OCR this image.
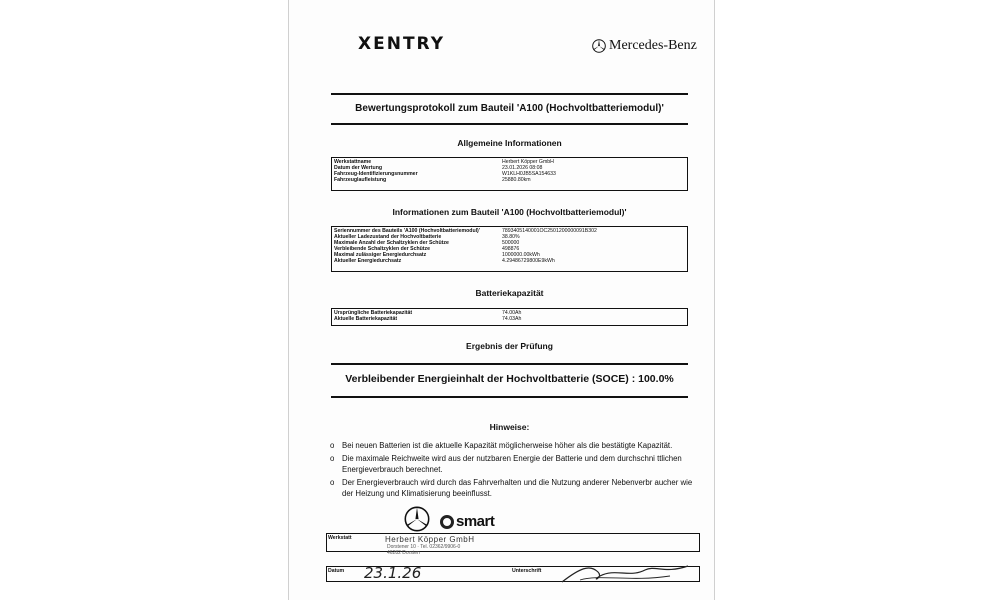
XENTRY	Mercedes-Benz
Bewertungsprotokoll zum Bauteil 'A100 (Hochvoltbatteriemodul)'
Allgemeine Informationen
Werkstattname	Herbert Köpper GmbH
Datum der Wertung	23.01.2026 08:08
Fahrzeug-Identifizierungsnummer	W1KLH0JB5SA154633
Fahrzeuglaufleistung	25880.80km
Informationen zum Bauteil 'A100 (Hochvoltbatteriemodul)'
Seriennummer des Bauteils 'A100 (Hochvoltbatteriemodul)'	7893405140001OC2501200000091B302
Aktueller Ladezustand der Hochvoltbatterie	38.80%
Maximale Anzahl der Schaltzyklen der Schütze	500000
Verbleibende Schaltzyklen der Schütze	498876
Maximal zulässiger Energiedurchsatz	1000000.00kWh
Aktueller Energiedurchsatz	4.29486729800E9kWh
Batteriekapazität
Ursprüngliche Batteriekapazität	74.00Ah
Aktuelle Batteriekapazität	74.03Ah
Ergebnis der Prüfung
Verbleibender Energieinhalt der Hochvoltbatterie (SOCE) : 100.0%
Hinweise:
o Bei neuen Batterien ist die aktuelle Kapazität möglicherweise höher als die bestätigte Kapazität.
o Die maximale Reichweite wird aus der nutzbaren Energie der Batterie und dem durchschni ttlichen Energieverbrauch berechnet.
o Der Energieverbrauch wird durch das Fahrverhalten und die Nutzung anderer Nebenverbr aucher wie der Heizung und Klimatisierung beeinflusst.
smart
Werkstatt	Herbert Köpper GmbH
Dorstener 10 · Tel. 02362/9906-0
46282 Dorsten
Datum 23.1.26	Unterschrift
